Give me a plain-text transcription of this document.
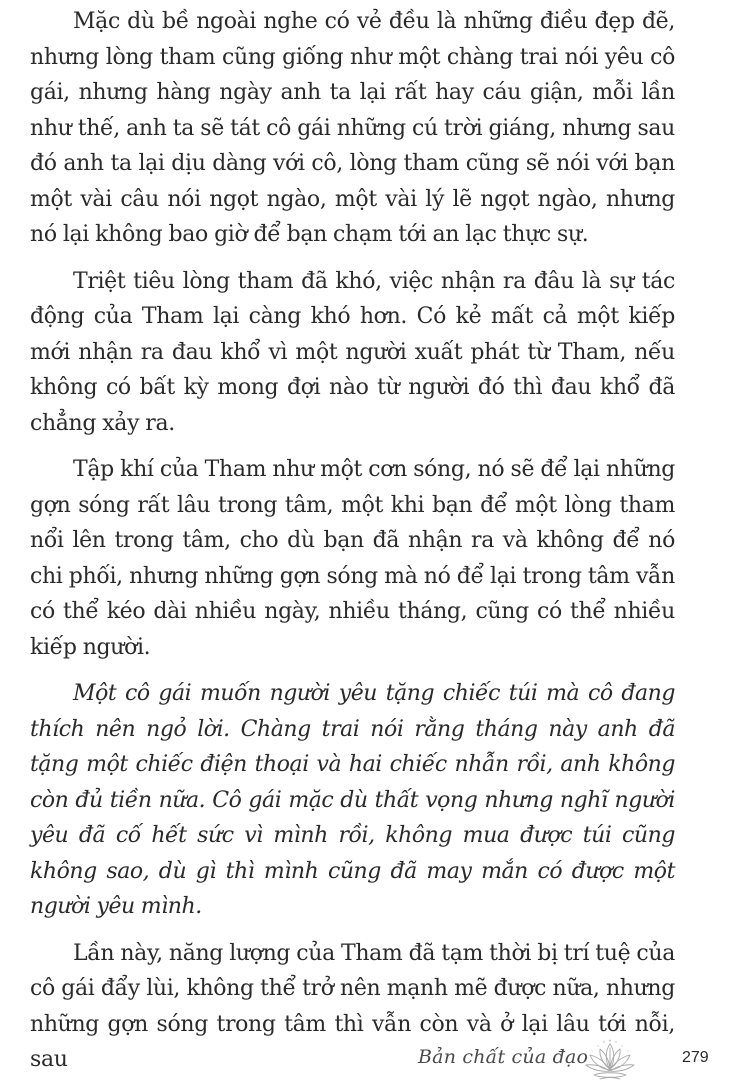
Mặc dù bề ngoài nghe có vẻ đều là những điều đẹp đẽ, nhưng lòng tham cũng giống như một chàng trai nói yêu cô gái, nhưng hàng ngày anh ta lại rất hay cáu giận, mỗi lần như thế, anh ta sẽ tát cô gái những cú trời giáng, nhưng sau đó anh ta lại dịu dàng với cô, lòng tham cũng sẽ nói với bạn một vài câu nói ngọt ngào, một vài lý lẽ ngọt ngào, nhưng nó lại không bao giờ để bạn chạm tới an lạc thực sự.

Triệt tiêu lòng tham đã khó, việc nhận ra đâu là sự tác động của Tham lại càng khó hơn. Có kẻ mất cả một kiếp mới nhận ra đau khổ vì một người xuất phát từ Tham, nếu không có bất kỳ mong đợi nào từ người đó thì đau khổ đã chẳng xảy ra.

Tập khí của Tham như một cơn sóng, nó sẽ để lại những gợn sóng rất lâu trong tâm, một khi bạn để một lòng tham nổi lên trong tâm, cho dù bạn đã nhận ra và không để nó chi phối, nhưng những gợn sóng mà nó để lại trong tâm vẫn có thể kéo dài nhiều ngày, nhiều tháng, cũng có thể nhiều kiếp người.

Một cô gái muốn người yêu tặng chiếc túi mà cô đang thích nên ngỏ lời. Chàng trai nói rằng tháng này anh đã tặng một chiếc điện thoại và hai chiếc nhẫn rồi, anh không còn đủ tiền nữa. Cô gái mặc dù thất vọng nhưng nghĩ người yêu đã cố hết sức vì mình rồi, không mua được túi cũng không sao, dù gì thì mình cũng đã may mắn có được một người yêu mình.

Lần này, năng lượng của Tham đã tạm thời bị trí tuệ của cô gái đẩy lùi, không thể trở nên mạnh mẽ được nữa, nhưng những gợn sóng trong tâm thì vẫn còn và ở lại lâu tới nỗi, sau	Bản chất của đạo	279
